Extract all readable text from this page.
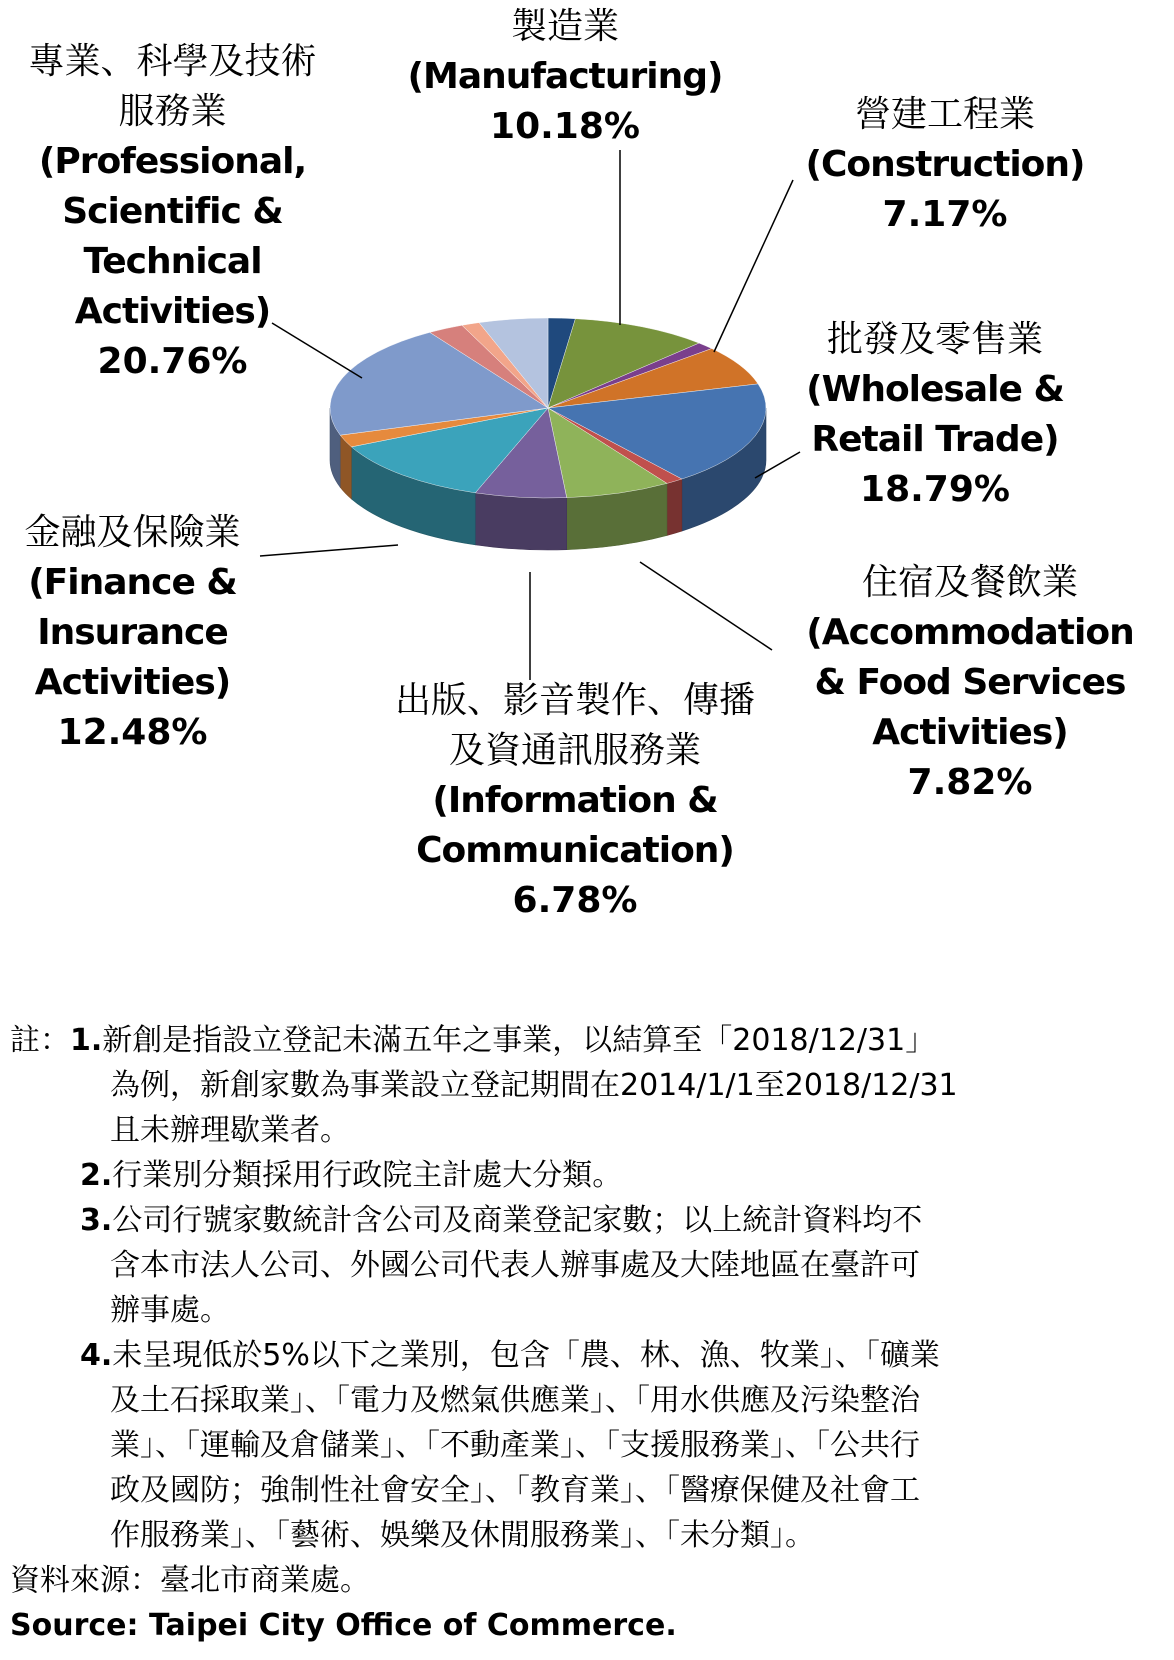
製造業
(Manufacturing)
10.18%	營建工程業
(Construction)
7.17%
批發及零售業
(Wholesale &
Retail Trade)
18.79%
住宿及餐飲業
(Accommodation
& Food Services
Activities)
7.82%
出版、影音製作、傳播
及資通訊服務業
(Information &
Communication)
6.78%
金融及保險業
(Finance &
Insurance
Activities)
12.48%
專業、科學及技術
服務業
(Professional,
Scientific &
Technical
Activities)
20.76%
註：1.新創是指設立登記未滿五年之事業，以結算至「2018/12/31」
為例，新創家數為事業設立登記期間在2014/1/1至2018/12/31
且未辦理歇業者。
2.行業別分類採用行政院主計處大分類。
3.公司行號家數統計含公司及商業登記家數；以上統計資料均不
含本市法人公司、外國公司代表人辦事處及大陸地區在臺許可
辦事處。
4.未呈現低於5%以下之業別，包含「農、林、漁、牧業」、「礦業
及土石採取業」、「電力及燃氣供應業」、「用水供應及污染整治
業」、「運輸及倉儲業」、「不動產業」、「支援服務業」、「公共行
政及國防；強制性社會安全」、「教育業」、「醫療保健及社會工
作服務業」、「藝術、娛樂及休閒服務業」、「未分類」。
資料來源：臺北市商業處。
Source: Taipei City Office of Commerce.
